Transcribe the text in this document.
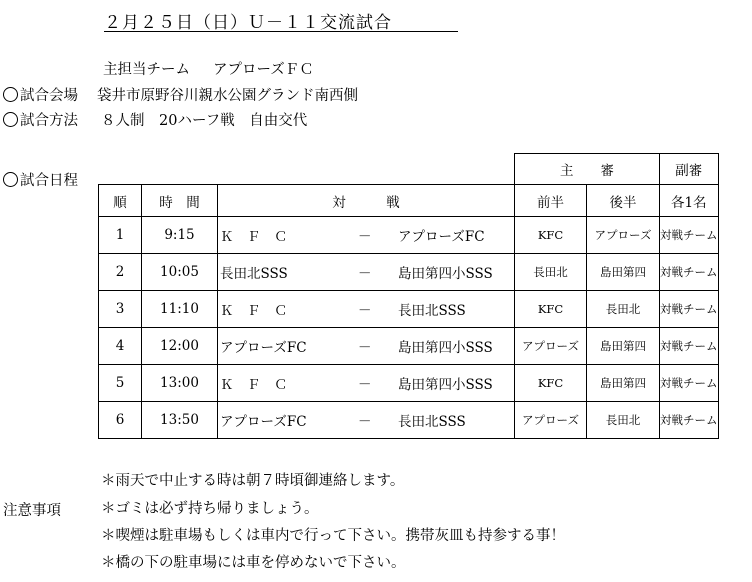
２月２５日（日）Ｕ－１１交流試合
主担当チーム アプローズＦＣ
試合会場 袋井市原野谷川親水公園グランド南西側
試合方法 ８人制　20ハーフ戦　自由交代
試合日程
			主　　審		副審
順	時　間	対　　　戦	前半	後半	各1名
1	9:15	Ｋ　Ｆ　Ｃ － アプローズFC	KFC	アプローズ	対戦チーム
2	10:05	長田北SSS － 島田第四小SSS	長田北	島田第四	対戦チーム
3	11:10	Ｋ　Ｆ　Ｃ － 長田北SSS	KFC	長田北	対戦チーム
4	12:00	アプローズFC － 島田第四小SSS	アプローズ	島田第四	対戦チーム
5	13:00	Ｋ　Ｆ　Ｃ － 島田第四小SSS	KFC	島田第四	対戦チーム
6	13:50	アプローズFC － 長田北SSS	アプローズ	長田北	対戦チーム
注意事項
＊雨天で中止する時は朝７時頃御連絡します。
＊ゴミは必ず持ち帰りましょう。
＊喫煙は駐車場もしくは車内で行って下さい。携帯灰皿も持参する事！
＊橋の下の駐車場には車を停めないで下さい。
